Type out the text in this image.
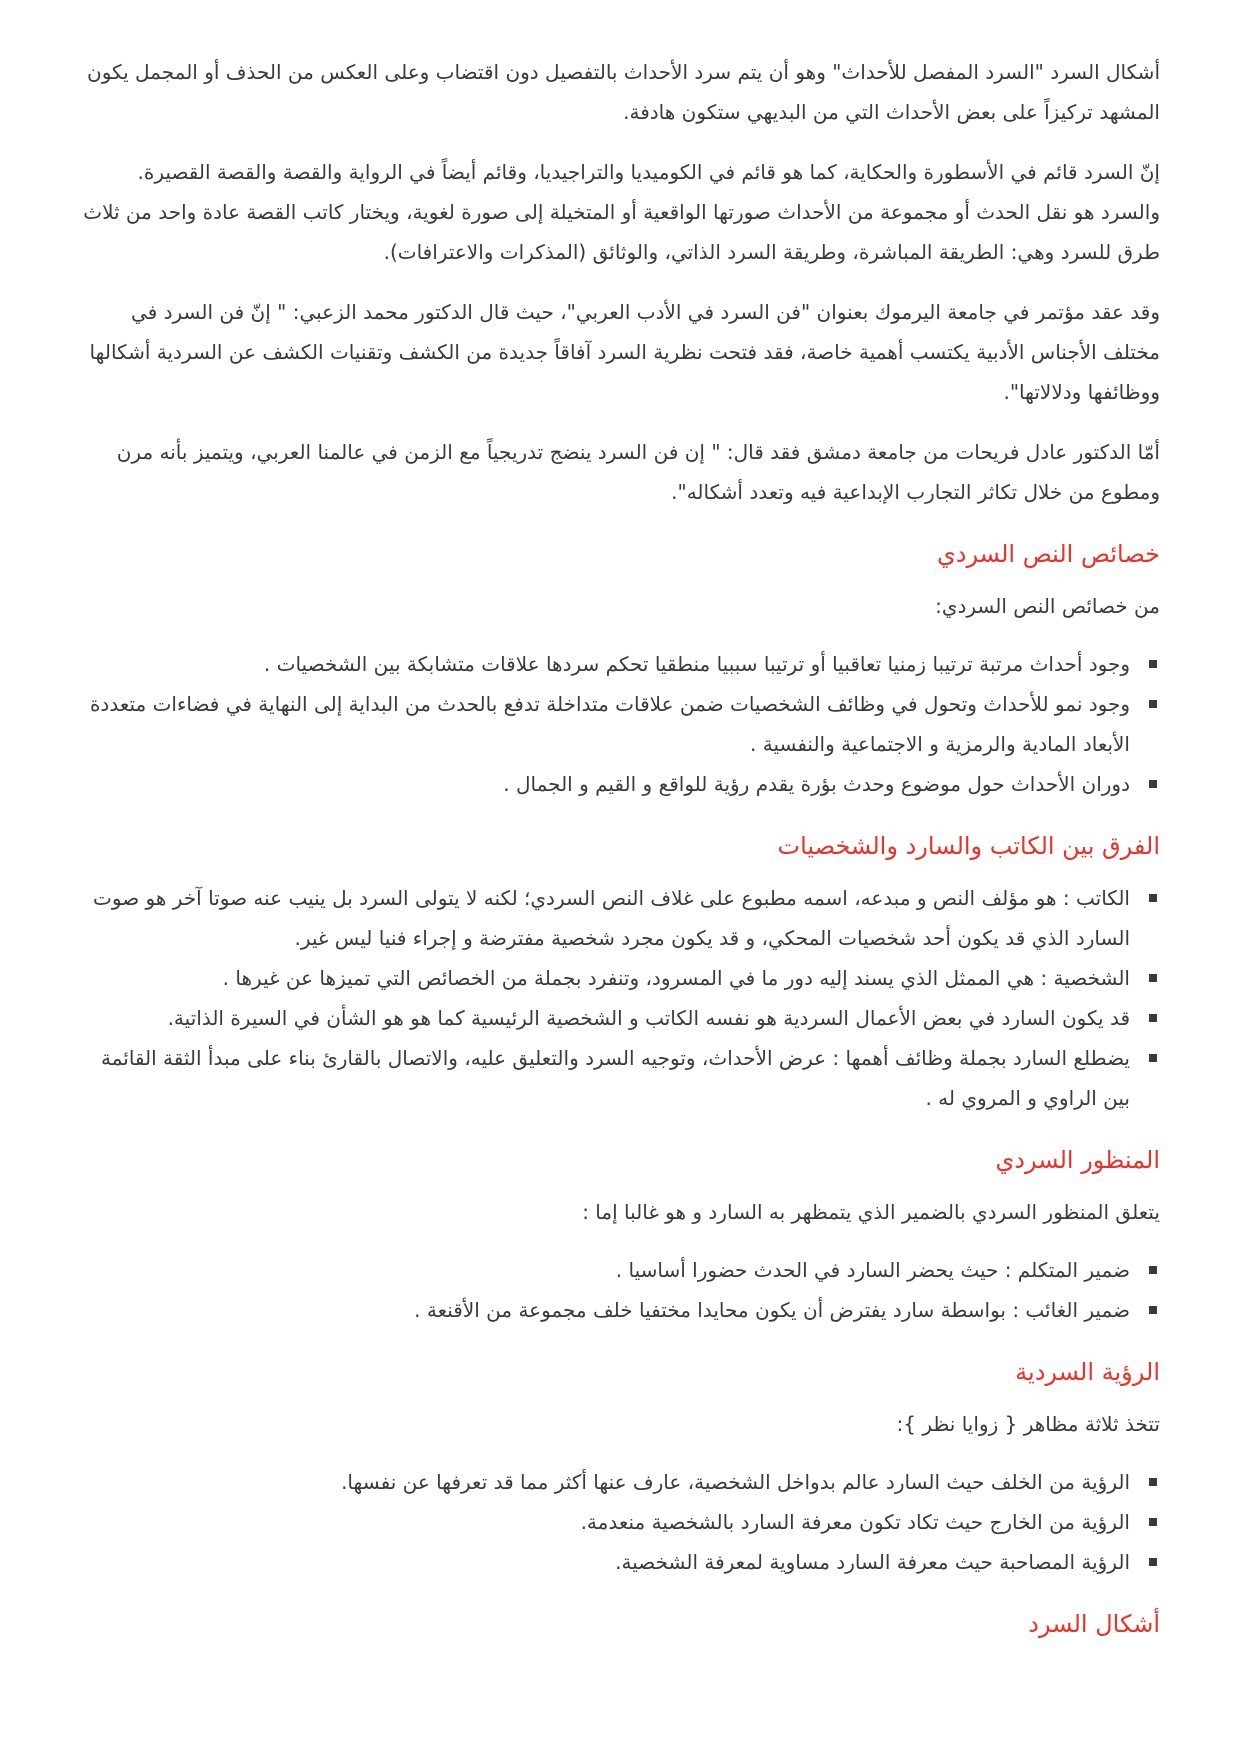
أشكال السرد "السرد المفصل للأحداث" وهو أن يتم سرد الأحداث بالتفصيل دون اقتضاب وعلى العكس من الحذف أو المجمل يكون المشهد تركيزاً على بعض الأحداث التي من البديهي ستكون هادفة.

إنّ السرد قائم في الأسطورة والحكاية، كما هو قائم في الكوميديا والتراجيديا، وقائم أيضاً في الرواية والقصة والقصة القصيرة. والسرد هو نقل الحدث أو مجموعة من الأحداث صورتها الواقعية أو المتخيلة إلى صورة لغوية، ويختار كاتب القصة عادة واحد من ثلاث طرق للسرد وهي: الطريقة المباشرة، وطريقة السرد الذاتي، والوثائق (المذكرات والاعترافات).

وقد عقد مؤتمر في جامعة اليرموك بعنوان "فن السرد في الأدب العربي"، حيث قال الدكتور محمد الزعبي: " إنّ فن السرد في مختلف الأجناس الأدبية يكتسب أهمية خاصة، فقد فتحت نظرية السرد آفاقاً جديدة من الكشف وتقنيات الكشف عن السردية أشكالها ووظائفها ودلالاتها".

أمّا الدكتور عادل فريحات من جامعة دمشق فقد قال: " إن فن السرد ينضج تدريجياً مع الزمن في عالمنا العربي، ويتميز بأنه مرن ومطوع من خلال تكاثر التجارب الإبداعية فيه وتعدد أشكاله".

خصائص النص السردي

من خصائص النص السردي:

وجود أحداث مرتبة ترتيبا زمنيا تعاقبيا أو ترتيبا سببيا منطقيا تحكم سردها علاقات متشابكة بين الشخصيات .
وجود نمو للأحداث وتحول في وظائف الشخصيات ضمن علاقات متداخلة تدفع بالحدث من البداية إلى النهاية في فضاءات متعددة الأبعاد المادية والرمزية و الاجتماعية والنفسية .
دوران الأحداث حول موضوع وحدث بؤرة يقدم رؤية للواقع و القيم و الجمال .
الفرق بين الكاتب والسارد والشخصيات
الكاتب : هو مؤلف النص و مبدعه، اسمه مطبوع على غلاف النص السردي؛ لكنه لا يتولى السرد بل ينيب عنه صوتا آخر هو صوت السارد الذي قد يكون أحد شخصيات المحكي، و قد يكون مجرد شخصية مفترضة و إجراء فنيا ليس غير.
الشخصية : هي الممثل الذي يسند إليه دور ما في المسرود، وتنفرد بجملة من الخصائص التي تميزها عن غيرها .
قد يكون السارد في بعض الأعمال السردية هو نفسه الكاتب و الشخصية الرئيسية كما هو هو الشأن في السيرة الذاتية.
يضطلع السارد بجملة وظائف أهمها : عرض الأحداث، وتوجيه السرد والتعليق عليه، والاتصال بالقارئ بناء على مبدأ الثقة القائمة بين الراوي و المروي له .
المنظور السردي

يتعلق المنظور السردي بالضمير الذي يتمظهر به السارد و هو غالبا إما :

ضمير المتكلم : حيث يحضر السارد في الحدث حضورا أساسيا .
ضمير الغائب : بواسطة سارد يفترض أن يكون محايدا مختفيا خلف مجموعة من الأقنعة .
الرؤية السردية

تتخذ ثلاثة مظاهر { زوايا نظر }:

الرؤية من الخلف حيث السارد عالم بدواخل الشخصية، عارف عنها أكثر مما قد تعرفها عن نفسها.
الرؤية من الخارج حيث تكاد تكون معرفة السارد بالشخصية منعدمة.
الرؤية المصاحبة حيث معرفة السارد مساوية لمعرفة الشخصية.
أشكال السرد
